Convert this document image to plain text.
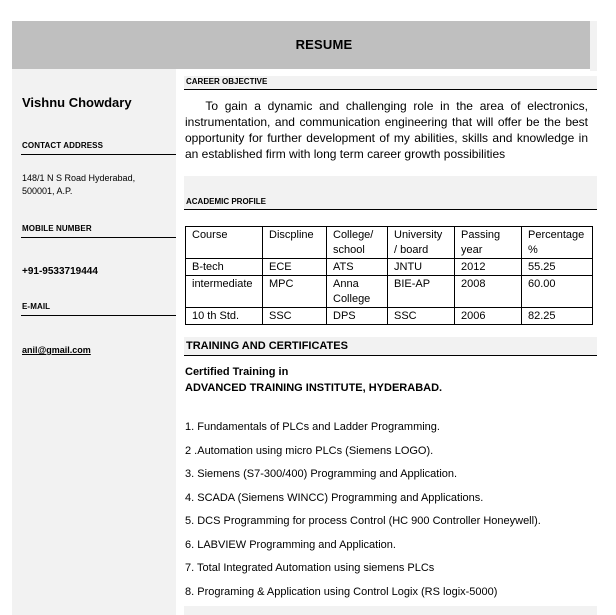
RESUME
Vishnu Chowdary
CONTACT ADDRESS
148/1 N S Road Hyderabad,
500001, A.P.
MOBILE NUMBER
+91-9533719444
E-MAIL
anil@gmail.com
CAREER OBJECTIVE
To gain a dynamic and challenging role in the area of electronics, instrumentation, and communication engineering that will offer be the best opportunity for further development of my abilities, skills and knowledge in an established firm with long term career growth possibilities
ACADEMIC PROFILE
Course	Discpline	College/ school	University / board	Passing year	Percentage %
B-tech	ECE	ATS	JNTU	2012	55.25
intermediate	MPC	Anna College	BIE-AP	2008	60.00
10 th Std.	SSC	DPS	SSC	2006	82.25
TRAINING AND CERTIFICATES
Certified Training in
ADVANCED TRAINING INSTITUTE, HYDERABAD.
1. Fundamentals of PLCs and Ladder Programming.
2 .Automation using micro PLCs (Siemens LOGO).
3. Siemens (S7-300/400) Programming and Application.
4. SCADA (Siemens WINCC) Programming and Applications.
5. DCS Programming for process Control (HC 900 Controller Honeywell).
6. LABVIEW Programming and Application.
7. Total Integrated Automation using siemens PLCs
8. Programing & Application using Control Logix (RS logix-5000)
